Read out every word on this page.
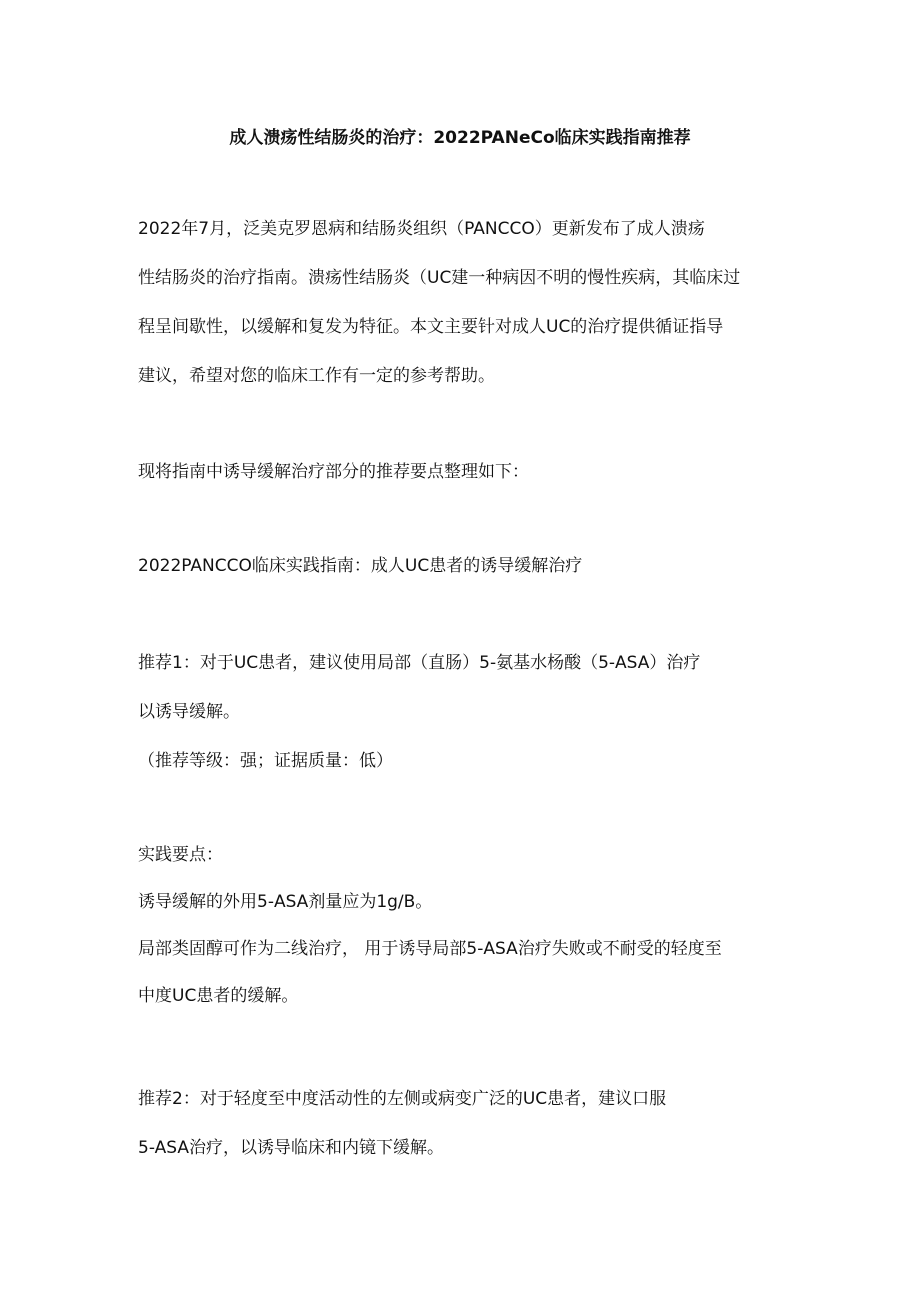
成人溃疡性结肠炎的治疗：2022PANeCo临床实践指南推荐
2022年7月，泛美克罗恩病和结肠炎组织（PANCCO）更新发布了成人溃疡
性结肠炎的治疗指南。溃疡性结肠炎（UC建一种病因不明的慢性疾病，其临床过
程呈间歇性，以缓解和复发为特征。本文主要针对成人UC的治疗提供循证指导
建议，希望对您的临床工作有一定的参考帮助。
现将指南中诱导缓解治疗部分的推荐要点整理如下：
2022PANCCO临床实践指南：成人UC患者的诱导缓解治疗
推荐1：对于UC患者，建议使用局部（直肠）5-氨基水杨酸（5-ASA）治疗
以诱导缓解。
（推荐等级：强；证据质量：低）
实践要点：
诱导缓解的外用5-ASA剂量应为1g∕B。
局部类固醇可作为二线治疗， 用于诱导局部5-ASA治疗失败或不耐受的轻度至
中度UC患者的缓解。
推荐2：对于轻度至中度活动性的左侧或病变广泛的UC患者，建议口服
5-ASA治疗，以诱导临床和内镜下缓解。
